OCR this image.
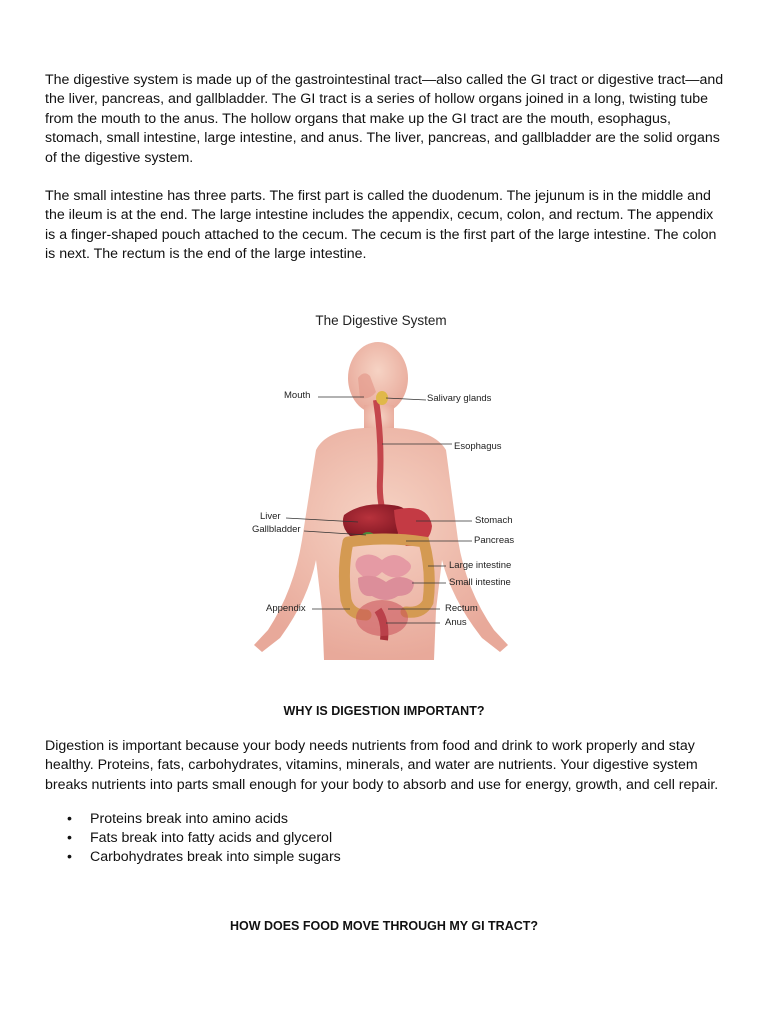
The digestive system is made up of the gastrointestinal tract—also called the GI tract or digestive tract—and the liver, pancreas, and gallbladder. The GI tract is a series of hollow organs joined in a long, twisting tube from the mouth to the anus. The hollow organs that make up the GI tract are the mouth, esophagus, stomach, small intestine, large intestine, and anus. The liver, pancreas, and gallbladder are the solid organs of the digestive system.

The small intestine has three parts. The first part is called the duodenum. The jejunum is in the middle and the ileum is at the end. The large intestine includes the appendix, cecum, colon, and rectum. The appendix is a finger-shaped pouch attached to the cecum. The cecum is the first part of the large intestine. The colon is next. The rectum is the end of the large intestine.

The Digestive System
Mouth	Salivary glands
Esophagus
Liver
Gallbladder
Stomach
Pancreas
Large intestine
Small intestine
Appendix	Rectum
Anus

WHY IS DIGESTION IMPORTANT?

Digestion is important because your body needs nutrients from food and drink to work properly and stay healthy. Proteins, fats, carbohydrates, vitamins, minerals, and water are nutrients. Your digestive system breaks nutrients into parts small enough for your body to absorb and use for energy, growth, and cell repair.

• Proteins break into amino acids
• Fats break into fatty acids and glycerol
• Carbohydrates break into simple sugars

HOW DOES FOOD MOVE THROUGH MY GI TRACT?
